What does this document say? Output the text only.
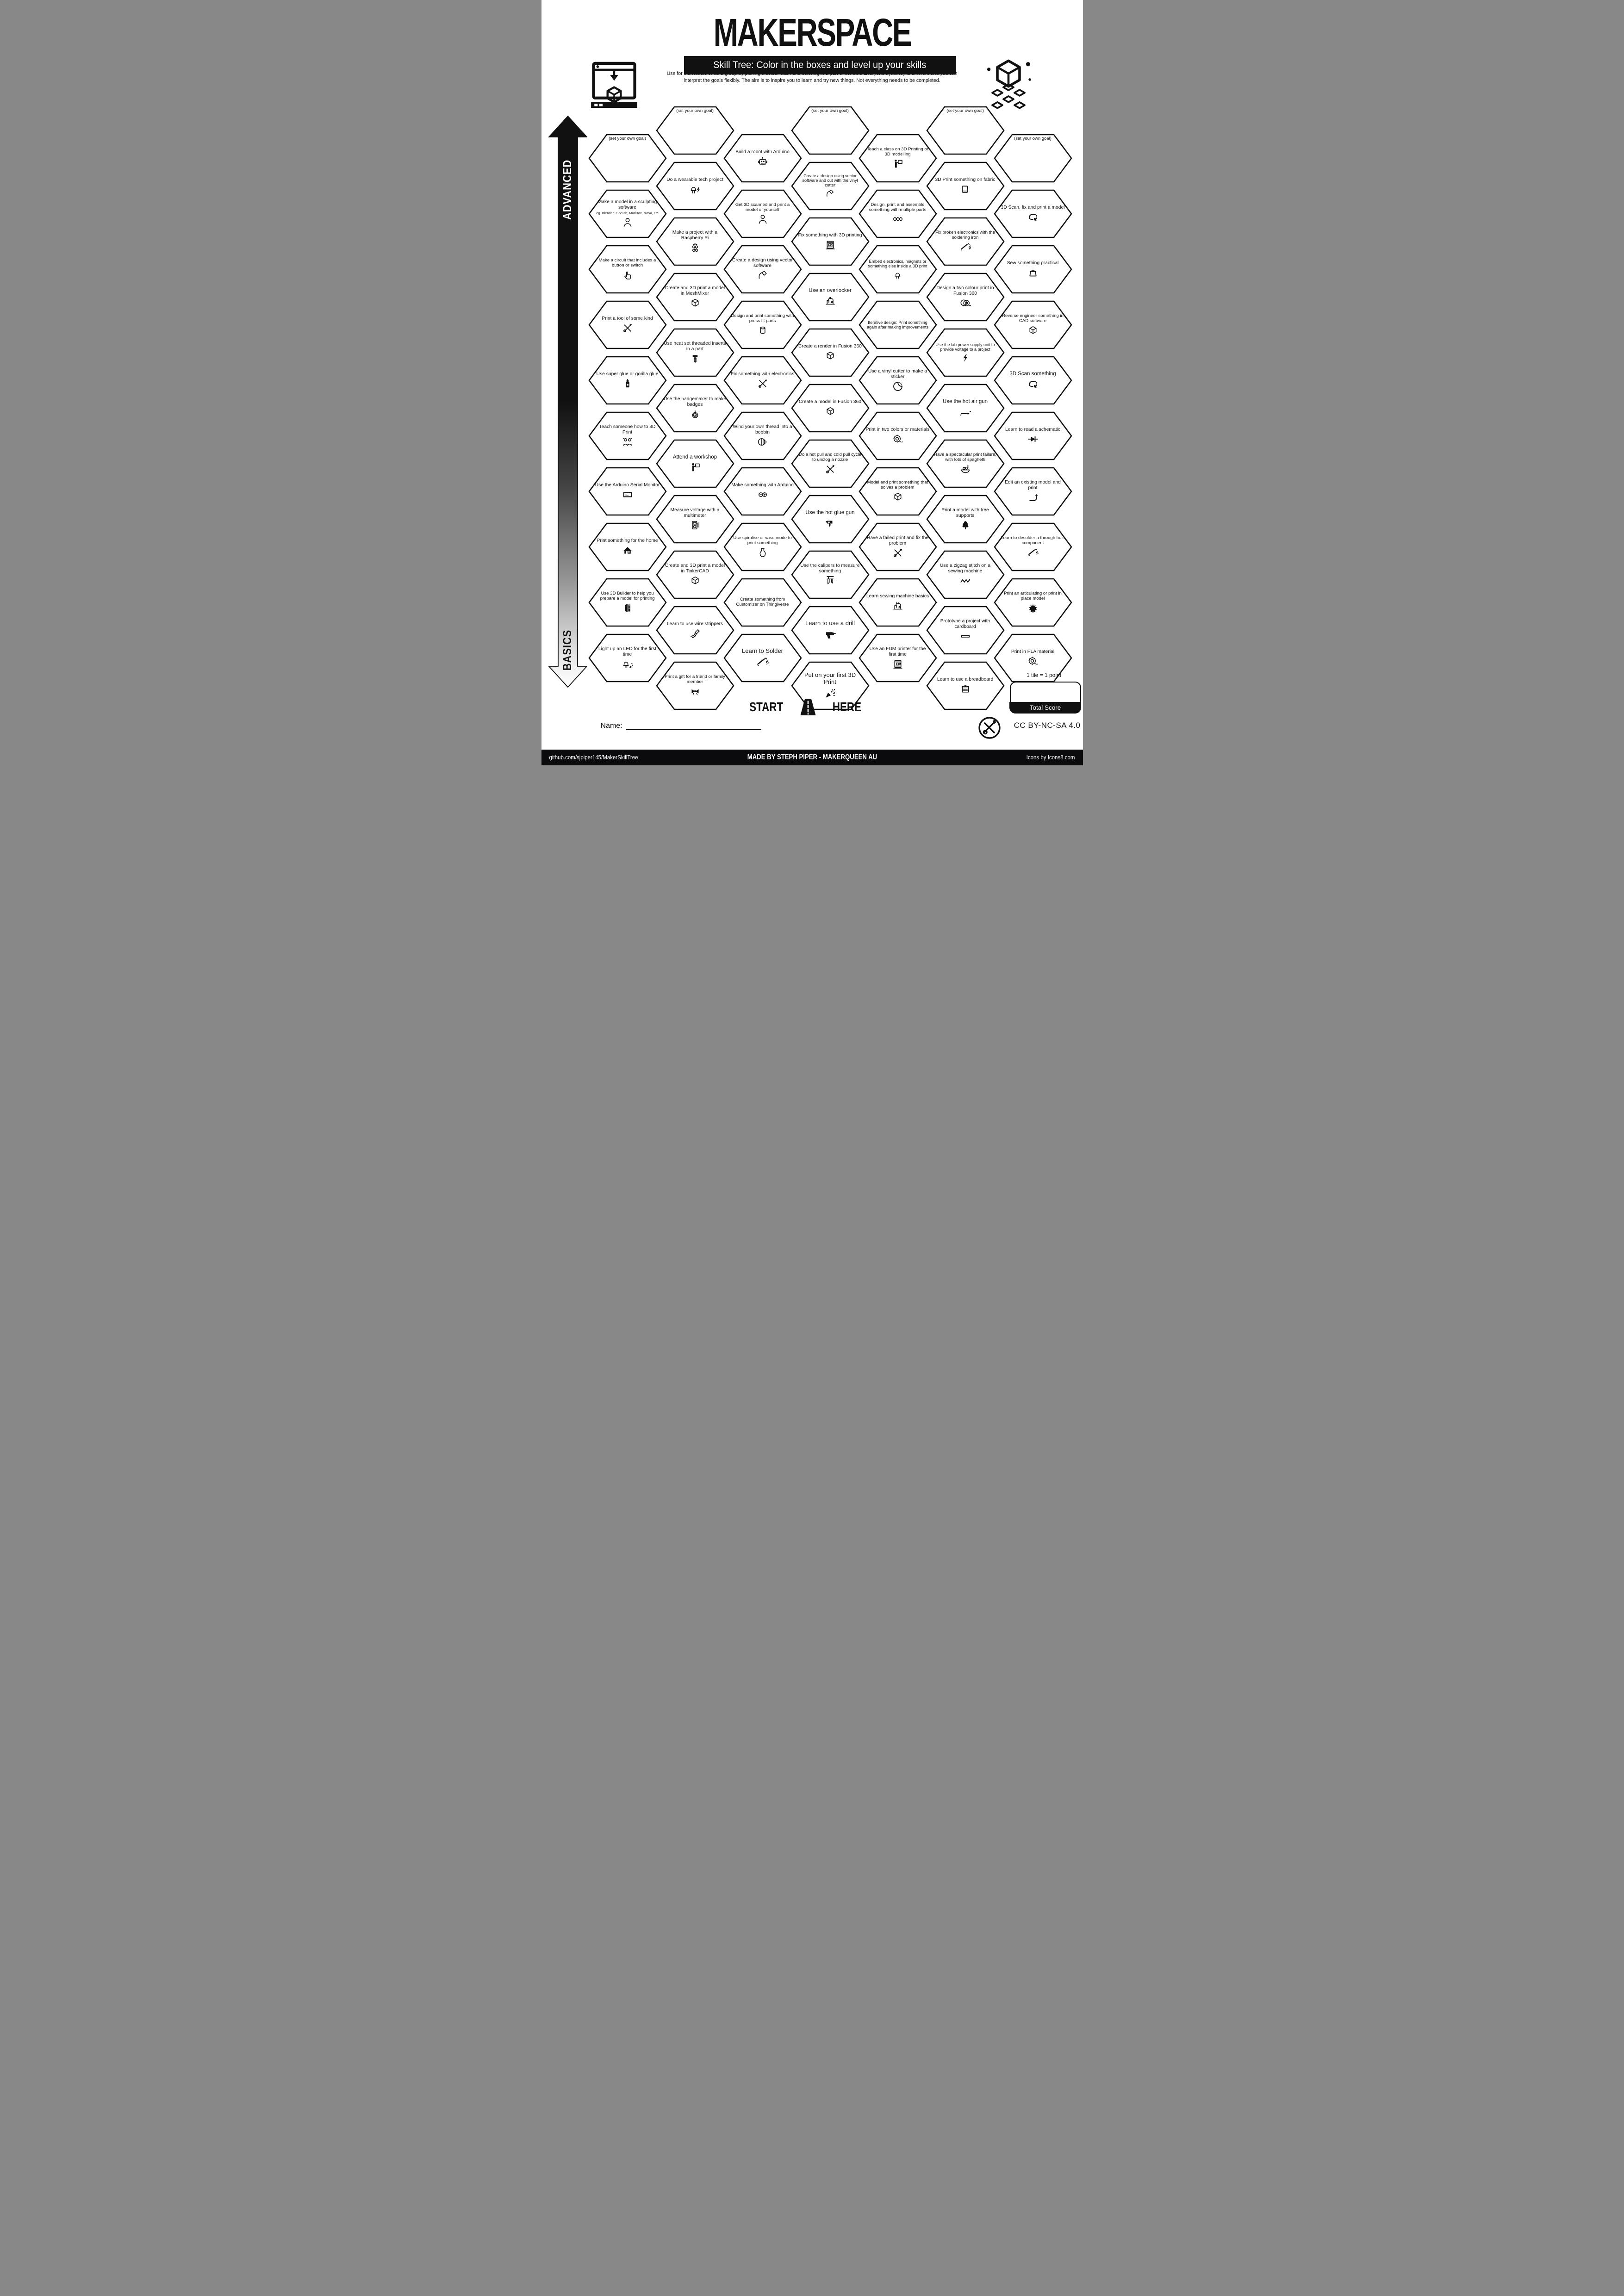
MAKERSPACE
Skill Tree: Color in the boxes and level up your skills
Use for individuals or as a group by picking a colour each and coloring in a part of the box. Everyone's journey is different and you can
interpret the goals flexibly. The aim is to inspire you to learn and try new things. Not everything needs to be completed.
ADVANCED
BASICS
(set your own goal)
Make a model in a sculpting software
eg. Blender, Z-brush, MudBox, Maya, etc
Make a circuit that includes a button or switch
Print a tool of some kind
Use super glue or gorilla glue
Teach someone how to 3D Print
Use the Arduino Serial Monitor
Print something for the home
Use 3D Builder to help you prepare a model for printing
Light up an LED for the first time
(set your own goal)
Do a wearable tech project
Make a project with a Raspberry Pi
Create and 3D print a model in MeshMixer
Use heat set threaded inserts in a part
Use the badgemaker to make badges
Attend a workshop
Measure voltage with a multimeter
Create and 3D print a model in TinkerCAD
Learn to use wire strippers
Print a gift for a friend or family member
Build a robot with Arduino
Get 3D scanned and print a model of yourself
Create a design using vector software
Design and print something with press fit parts
Fix something with electronics
Wind your own thread into a bobbin
Make something with Arduino
Use spiralise or vase mode to print something
Create something from Customizer on Thingiverse
Learn to Solder
(set your own goal)
Create a design using vector software and cut with the vinyl cutter
Fix something with 3D printing
Use an overlocker
Create a render in Fusion 360
Create a model in Fusion 360
Do a hot pull and cold pull cycle to unclog a nozzle
Use the hot glue gun
Use the calipers to measure something
Learn to use a drill
Put on your first 3D Print
Teach a class on 3D Printing or 3D modelling
Design, print and assemble something with multiple parts
Embed electronics, magnets or something else inside a 3D print
Iterative design: Print something again after making improvements
Use a vinyl cutter to make a sticker
Print in two colors or materials
Model and print something that solves a problem
Have a failed print and fix the problem
Learn sewing machine basics
Use an FDM printer for the first time
(set your own goal)
3D Print something on fabric
Fix broken electronics with the soldering iron
Design a two colour print in Fusion 360
Use the lab power supply unit to provide voltage to a project
Use the hot air gun
Have a spectacular print failure, with lots of spaghetti
Print a model with tree supports
Use a zigzag stitch on a sewing machine
Prototype a project with cardboard
Learn to use a breadboard
(set your own goal)
3D Scan, fix and print a model
Sew something practical
Reverse engineer something in CAD software
3D Scan something
Learn to read a schematic
Edit an existing model and print
Learn to desolder a through hole component
Print an articulating or print in place model
Print in PLA material
START	HERE
Name:
1 tile = 1 point
Total Score
CC BY-NC-SA 4.0
github.com/sjpiper145/MakerSkillTree	MADE BY STEPH PIPER - MAKERQUEEN AU	Icons by Icons8.com
